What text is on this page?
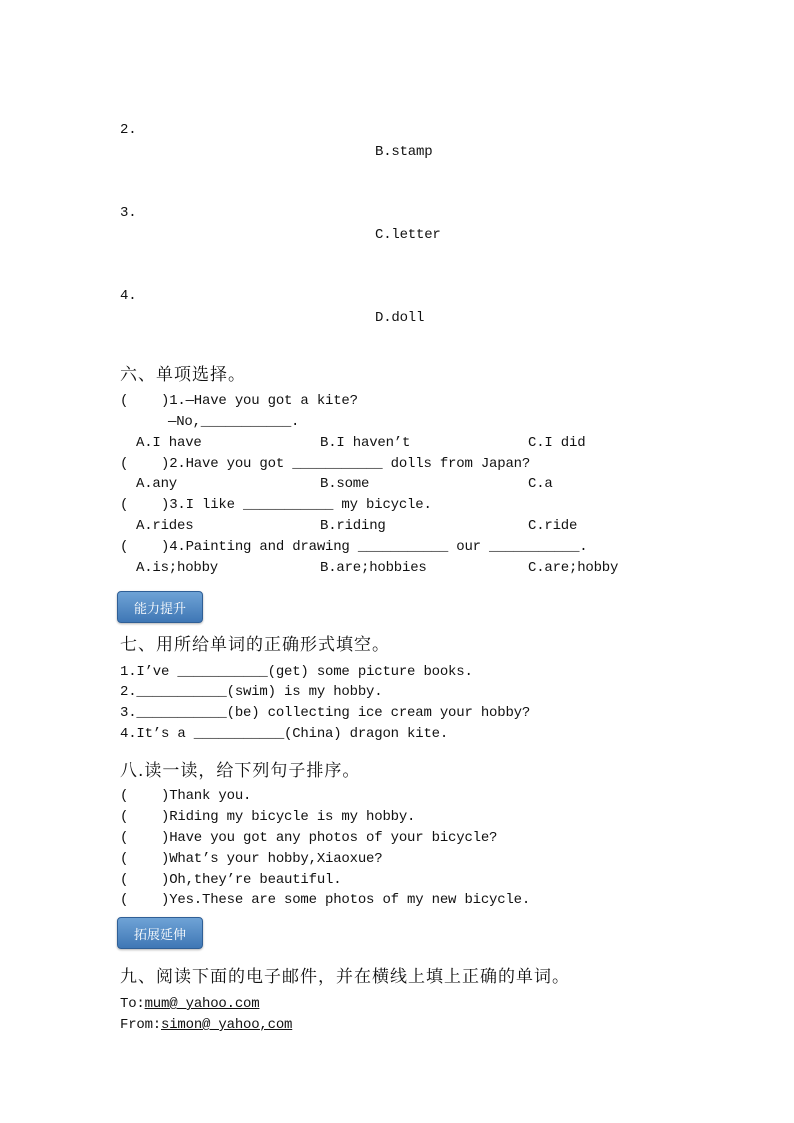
2.
B.stamp
3.
C.letter
4.
D.doll
六、单项选择。
(    )1.—Have you got a kite?
—No,___________.
A.I have	B.I haven’t	C.I did
(    )2.Have you got ___________ dolls from Japan?
A.any	B.some	C.a
(    )3.I like ___________ my bicycle.
A.rides	B.riding	C.ride
(    )4.Painting and drawing ___________ our ___________.
A.is;hobby	B.are;hobbies	C.are;hobby
能力提升
七、用所给单词的正确形式填空。
1.I’ve ___________(get) some picture books.
2.___________(swim) is my hobby.
3.___________(be) collecting ice cream your hobby?
4.It’s a ___________(China) dragon kite.
八.读一读，给下列句子排序。
(    )Thank you.
(    )Riding my bicycle is my hobby.
(    )Have you got any photos of your bicycle?
(    )What’s your hobby,Xiaoxue?
(    )Oh,they’re beautiful.
(    )Yes.These are some photos of my new bicycle.
拓展延伸
九、阅读下面的电子邮件，并在横线上填上正确的单词。
To:mum@ yahoo.com
From:simon@ yahoo,com
